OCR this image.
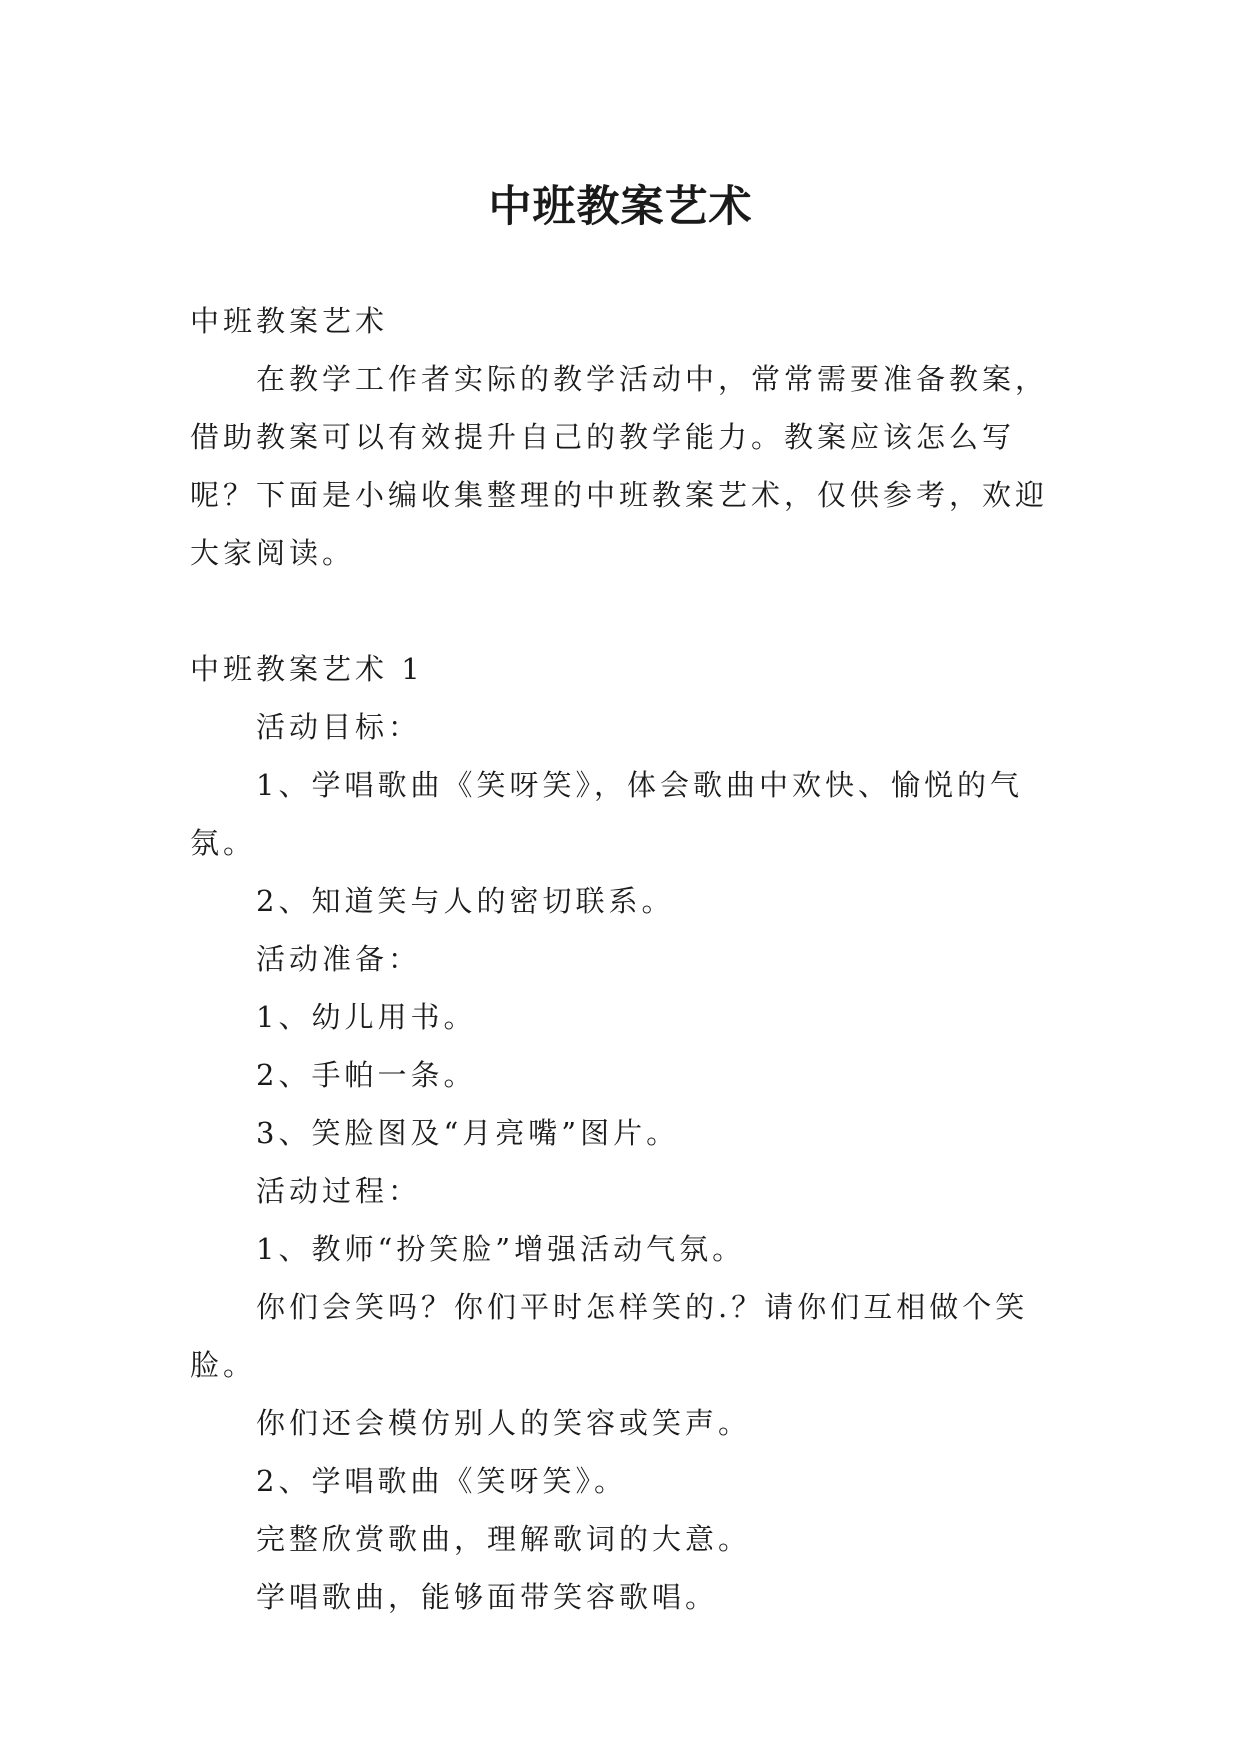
中班教案艺术

中班教案艺术

在教学工作者实际的教学活动中，常常需要准备教案，借助教案可以有效提升自己的教学能力。教案应该怎么写呢？下面是小编收集整理的中班教案艺术，仅供参考，欢迎大家阅读。

中班教案艺术 1

活动目标：

1、学唱歌曲《笑呀笑》，体会歌曲中欢快、愉悦的气氛。

2、知道笑与人的密切联系。

活动准备：

1、幼儿用书。

2、手帕一条。

3、笑脸图及“月亮嘴”图片。

活动过程：

1、教师“扮笑脸”增强活动气氛。

你们会笑吗？你们平时怎样笑的.？请你们互相做个笑脸。

你们还会模仿别人的笑容或笑声。

2、学唱歌曲《笑呀笑》。

完整欣赏歌曲，理解歌词的大意。

学唱歌曲，能够面带笑容歌唱。
